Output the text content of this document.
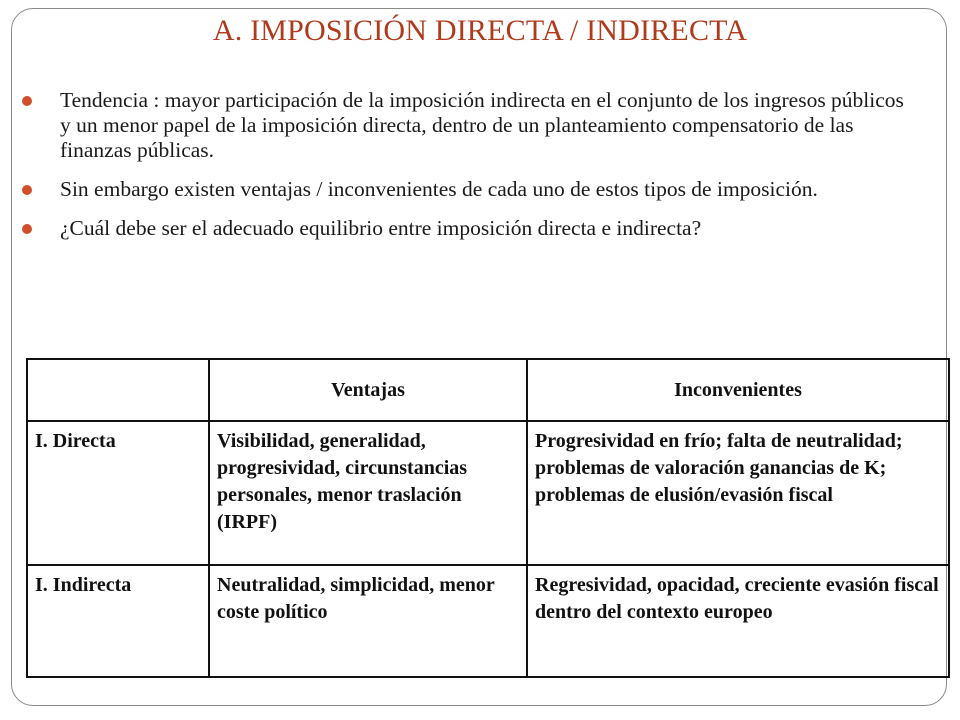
A. IMPOSICIÓN DIRECTA / INDIRECTA
Tendencia : mayor participación de la imposición indirecta en el conjunto de los ingresos públicos y un menor papel de la imposición directa, dentro de un planteamiento compensatorio de las finanzas públicas.
Sin embargo existen ventajas / inconvenientes de cada uno de estos tipos de imposición.
¿Cuál debe ser el adecuado equilibrio entre imposición directa e indirecta?
	Ventajas	Inconvenientes
I. Directa	Visibilidad, generalidad, progresividad, circunstancias personales, menor traslación (IRPF)	Progresividad en frío; falta de neutralidad; problemas de valoración ganancias de K; problemas de elusión/evasión fiscal
I. Indirecta	Neutralidad, simplicidad, menor coste político	Regresividad, opacidad, creciente evasión fiscal dentro del contexto europeo
